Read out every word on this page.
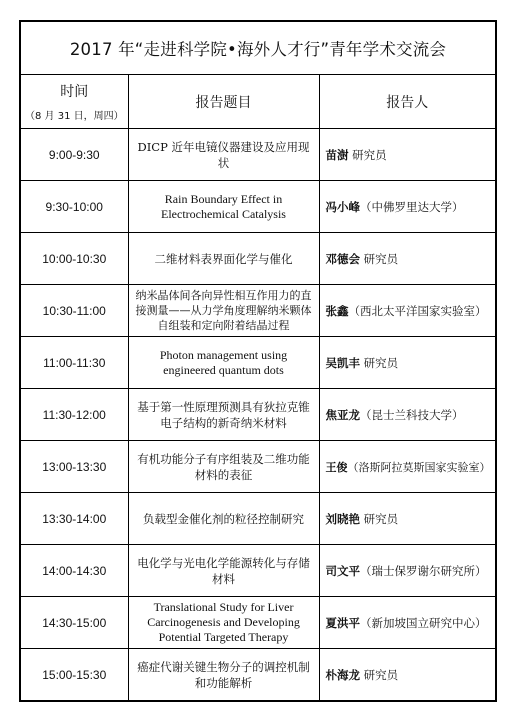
2017 年“走进科学院•海外人才行”青年学术交流会
时间
（8 月 31 日，周四）	报告题目	报告人
9:00-9:30	DICP 近年电镜仪器建设及应用现状	苗澍 研究员
9:30-10:00	Rain Boundary Effect in Electrochemical Catalysis	冯小峰（中佛罗里达大学）
10:00-10:30	二维材料表界面化学与催化	邓德会 研究员
10:30-11:00	纳米晶体间各向异性相互作用力的直接测量——从力学角度理解纳米颗体自组装和定向附着结晶过程	张鑫（西北太平洋国家实验室）
11:00-11:30	Photon management using engineered quantum dots	吴凯丰 研究员
11:30-12:00	基于第一性原理预测具有狄拉克锥电子结构的新奇纳米材料	焦亚龙（昆士兰科技大学）
13:00-13:30	有机功能分子有序组装及二维功能材料的表征	王俊（洛斯阿拉莫斯国家实验室）
13:30-14:00	负载型金催化剂的粒径控制研究	刘晓艳 研究员
14:00-14:30	电化学与光电化学能源转化与存储材料	司文平（瑞士保罗谢尔研究所）
14:30-15:00	Translational Study for Liver Carcinogenesis and Developing Potential Targeted Therapy	夏洪平（新加坡国立研究中心）
15:00-15:30	癌症代谢关键生物分子的调控机制和功能解析	朴海龙 研究员
